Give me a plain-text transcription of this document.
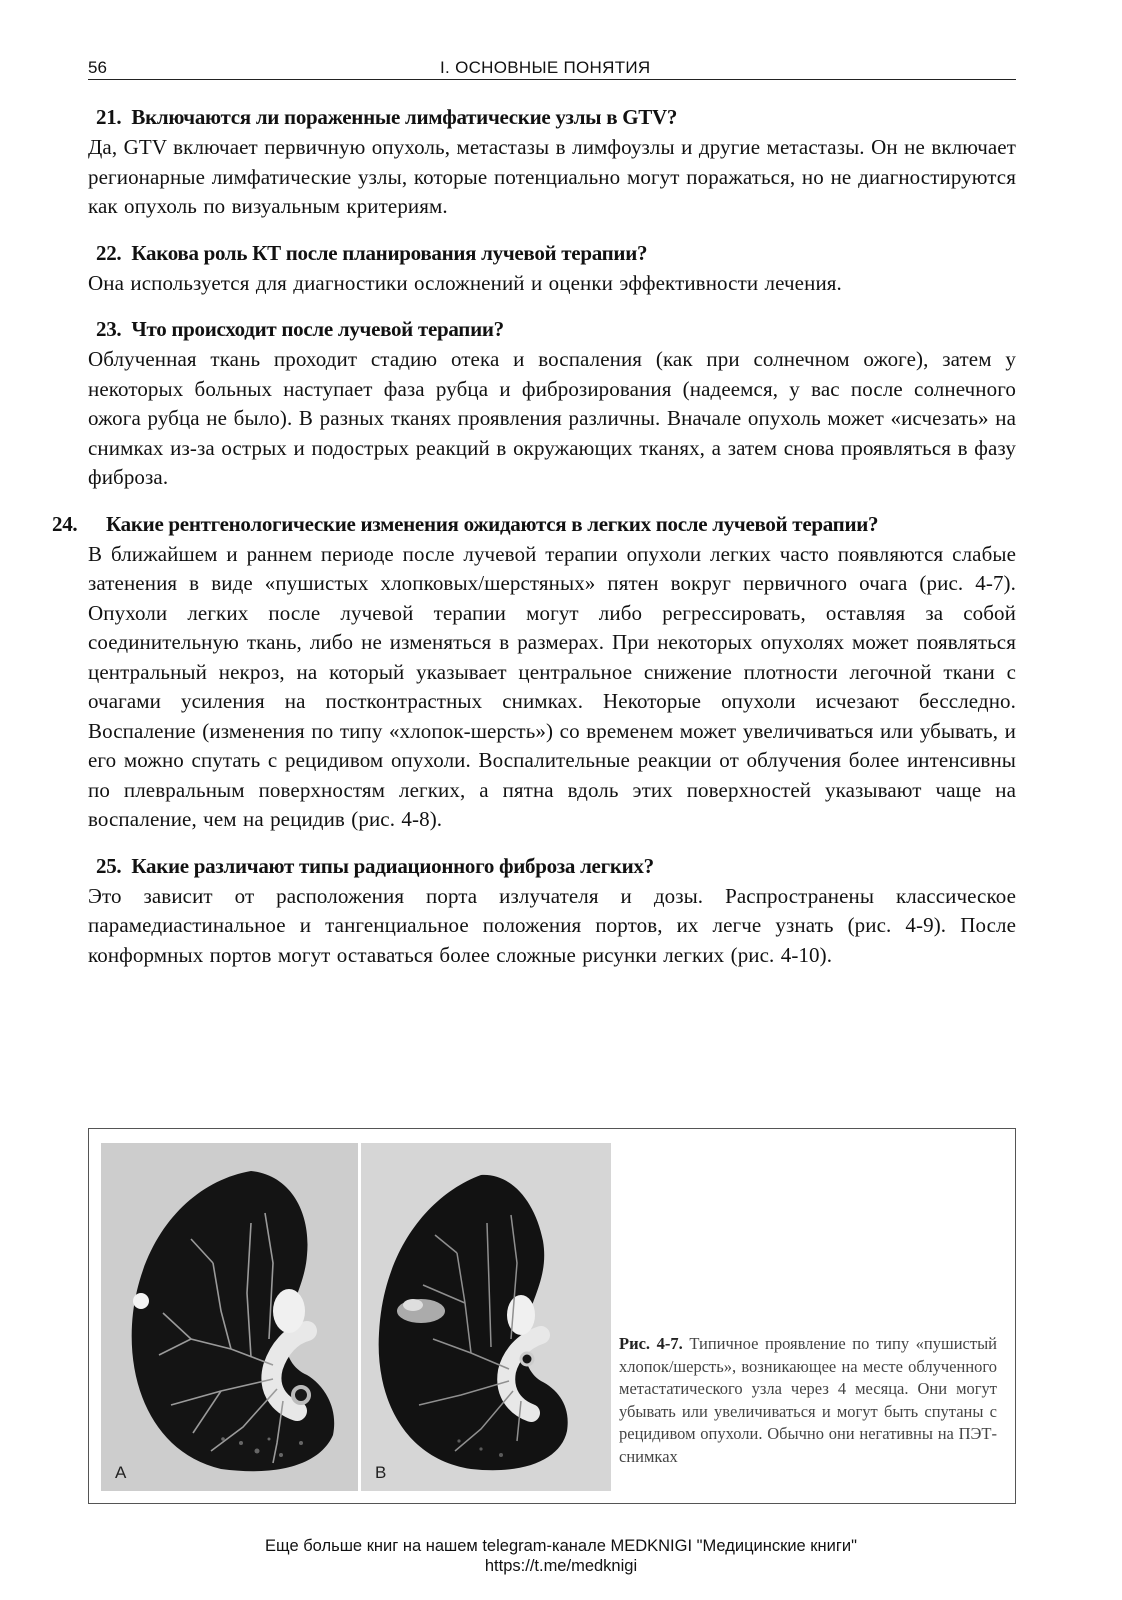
56	I. ОСНОВНЫЕ ПОНЯТИЯ

21. Включаются ли пораженные лимфатические узлы в GTV?

Да, GTV включает первичную опухоль, метастазы в лимфоузлы и другие метастазы. Он не включает регионарные лимфатические узлы, которые потенциально могут поражаться, но не диагностируются как опухоль по визуальным критериям.

22. Какова роль КТ после планирования лучевой терапии?

Она используется для диагностики осложнений и оценки эффективности лечения.

23. Что происходит после лучевой терапии?

Облученная ткань проходит стадию отека и воспаления (как при солнечном ожоге), затем у некоторых больных наступает фаза рубца и фиброзирования (надеемся, у вас после солнечного ожога рубца не было). В разных тканях проявления различны. Вначале опухоль может «исчезать» на снимках из-за острых и подострых реакций в окружающих тканях, а затем снова проявляться в фазу фиброза.

24. Какие рентгенологические изменения ожидаются в легких после лучевой терапии?

В ближайшем и раннем периоде после лучевой терапии опухоли легких часто появляются слабые затенения в виде «пушистых хлопковых/шерстяных» пятен вокруг первичного очага (рис. 4-7). Опухоли легких после лучевой терапии могут либо регрессировать, оставляя за собой соединительную ткань, либо не изменяться в размерах. При некоторых опухолях может появляться центральный некроз, на который указывает центральное снижение плотности легочной ткани с очагами усиления на постконтрастных снимках. Некоторые опухоли исчезают бесследно. Воспаление (изменения по типу «хлопок-шерсть») со временем может увеличиваться или убывать, и его можно спутать с рецидивом опухоли. Воспалительные реакции от облучения более интенсивны по плевральным поверхностям легких, а пятна вдоль этих поверхностей указывают чаще на воспаление, чем на рецидив (рис. 4-8).

25. Какие различают типы радиационного фиброза легких?

Это зависит от расположения порта излучателя и дозы. Распространены классическое парамедиастинальное и тангенциальное положения портов, их легче узнать (рис. 4-9). После конформных портов могут оставаться более сложные рисунки легких (рис. 4-10).

A	B
Рис. 4-7. Типичное проявление по типу «пушистый хлопок/шерсть», возникающее на месте облученного метастатического узла через 4 месяца. Они могут убывать или увеличиваться и могут быть спутаны с рецидивом опухоли. Обычно они негативны на ПЭТ-снимках
Еще больше книг на нашем telegram-канале MEDKNIGI "Медицинские книги"
https://t.me/medknigi
